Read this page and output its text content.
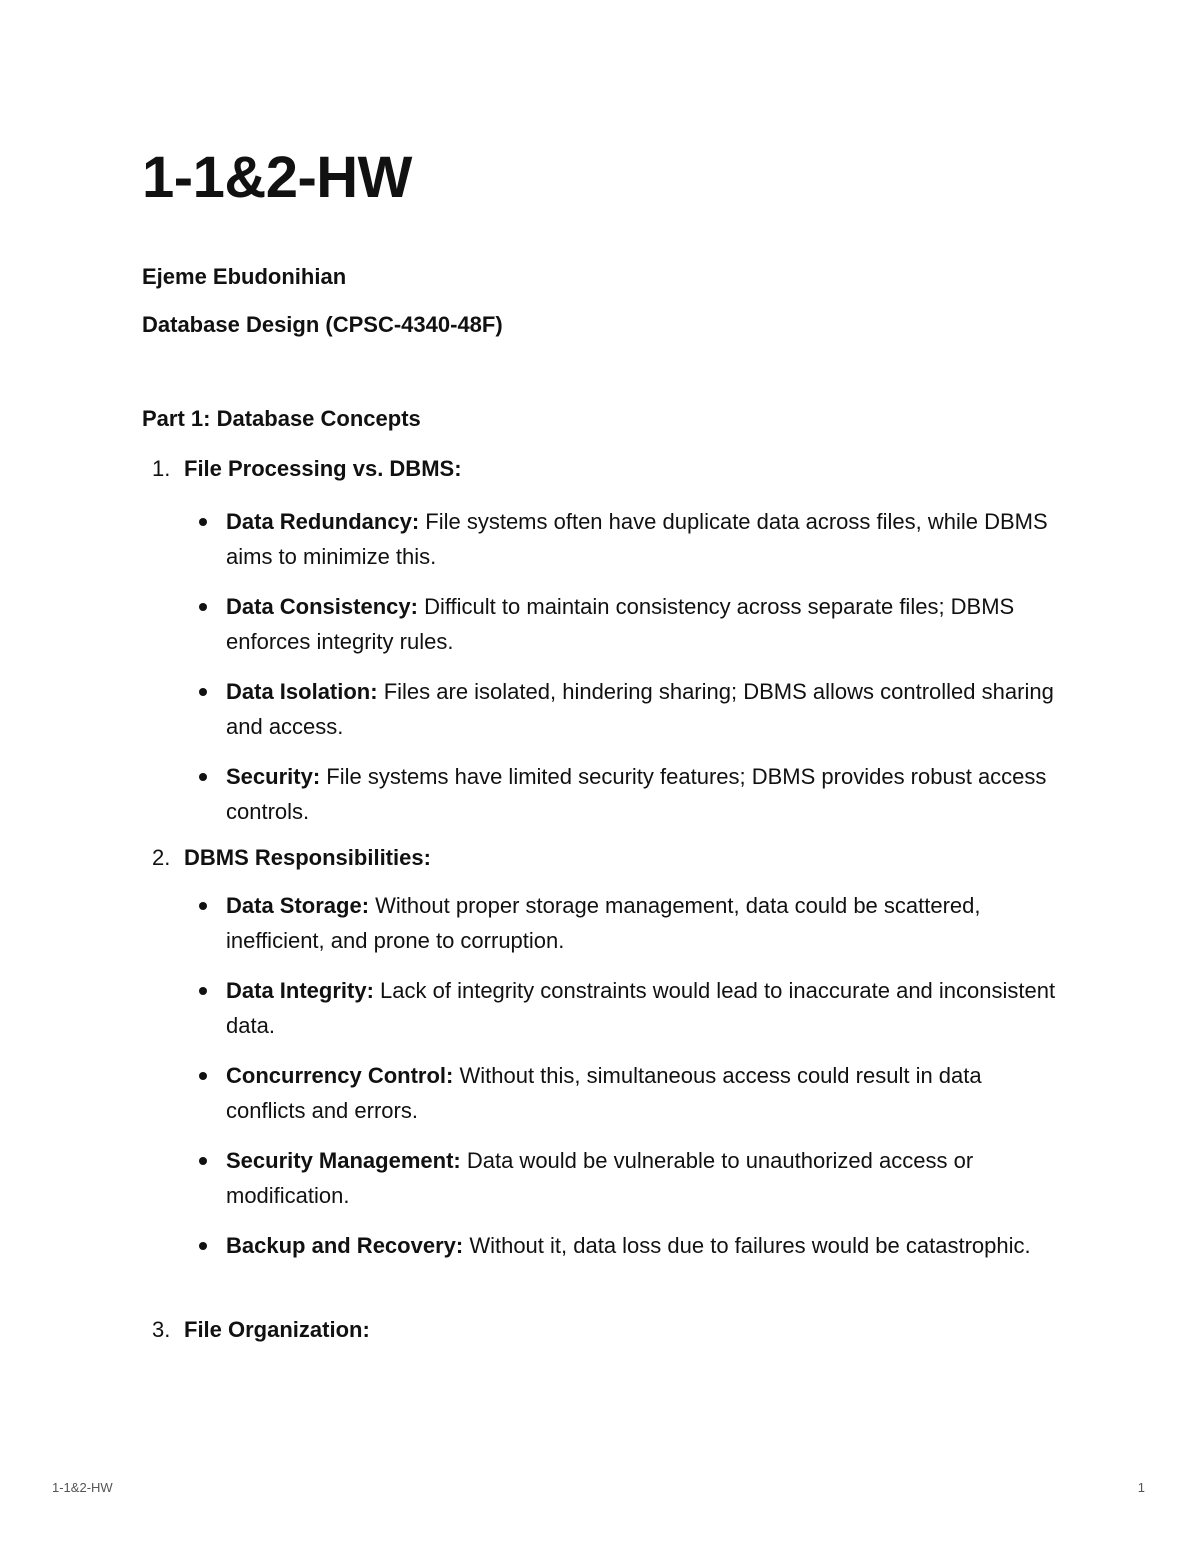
1-1&2-HW

Ejeme Ebudonihian

Database Design (CPSC-4340-48F)

Part 1: Database Concepts

1. File Processing vs. DBMS:
Data Redundancy: File systems often have duplicate data across files, while DBMS aims to minimize this.
Data Consistency: Difficult to maintain consistency across separate files; DBMS enforces integrity rules.
Data Isolation: Files are isolated, hindering sharing; DBMS allows controlled sharing and access.
Security: File systems have limited security features; DBMS provides robust access controls.
2. DBMS Responsibilities:
Data Storage: Without proper storage management, data could be scattered, inefficient, and prone to corruption.
Data Integrity: Lack of integrity constraints would lead to inaccurate and inconsistent data.
Concurrency Control: Without this, simultaneous access could result in data conflicts and errors.
Security Management: Data would be vulnerable to unauthorized access or modification.
Backup and Recovery: Without it, data loss due to failures would be catastrophic.
3. File Organization:
1-1&2-HW	1
